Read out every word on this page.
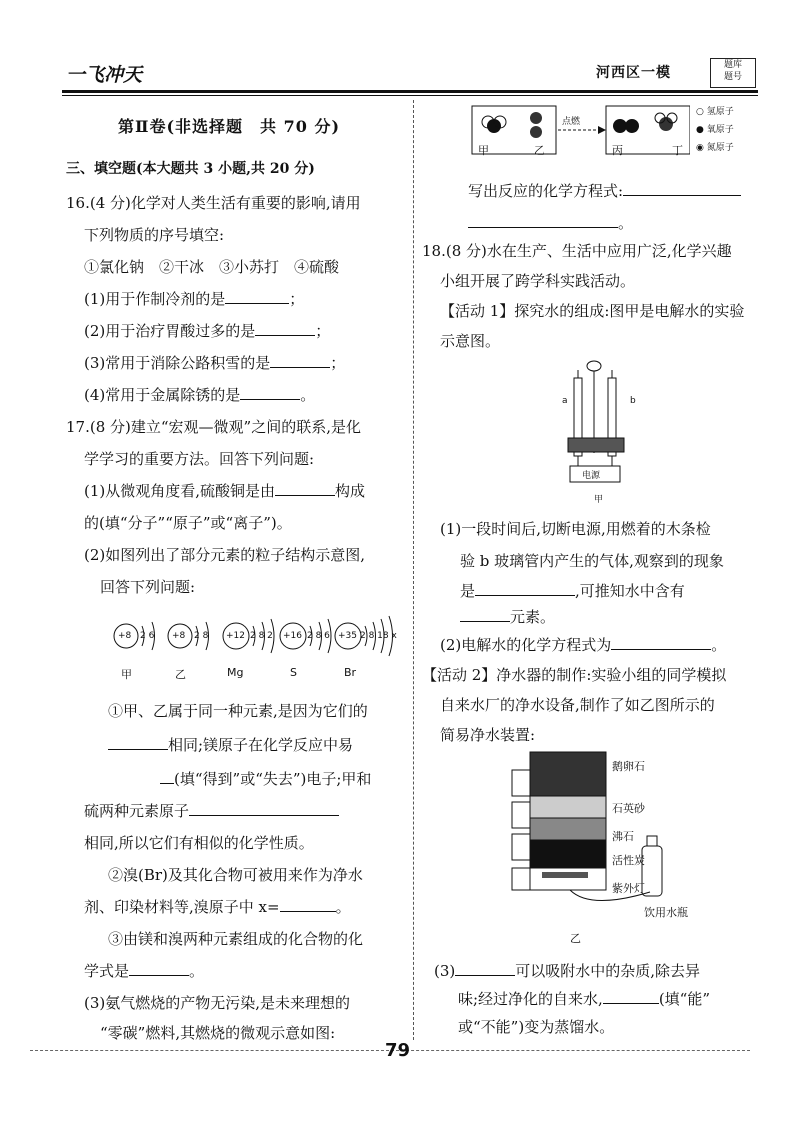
一飞冲天	河西区一模	题库
题号
第Ⅱ卷(非选择题　共 70 分)
三、填空题(本大题共 3 小题,共 20 分)
16.(4 分)化学对人类生活有重要的影响,请用
下列物质的序号填空:
①氯化钠　②干冰　③小苏打　④硫酸
(1)用于作制冷剂的是	；
(2)用于治疗胃酸过多的是	；
(3)常用于消除公路积雪的是	；
(4)常用于金属除锈的是	。
17.(8 分)建立“宏观—微观”之间的联系,是化
学学习的重要方法。回答下列问题:
(1)从微观角度看,硫酸铜是由	构成
的(填“分子”“原子”或“离子”)。
(2)如图列出了部分元素的粒子结构示意图,
回答下列问题:
+8 2 6 +8 2 8 +12 2 8 2 +16 2 8 6 +35 2 8 18 x
甲	乙	Mg	S	Br
①甲、乙属于同一种元素,是因为它们的
相同;镁原子在化学反应中易
(填“得到”或“失去”)电子;甲和
硫两种元素原子
相同,所以它们有相似的化学性质。
②溴(Br)及其化合物可被用来作为净水
剂、印染材料等,溴原子中 x=	。
③由镁和溴两种元素组成的化合物的化
学式是	。
(3)氨气燃烧的产物无污染,是未来理想的
“零碳”燃料,其燃烧的微观示意如图:
甲	乙
点燃
丙	丁
○ 氢原子
● 氧原子
◉ 氮原子
写出反应的化学方程式:
。
18.(8 分)水在生产、生活中应用广泛,化学兴趣
小组开展了跨学科实践活动。
【活动 1】探究水的组成:图甲是电解水的实验
示意图。
a	b
电源
甲
(1)一段时间后,切断电源,用燃着的木条检
验 b 玻璃管内产生的气体,观察到的现象
是	,可推知水中含有
元素。
(2)电解水的化学方程式为	。
【活动 2】净水器的制作:实验小组的同学模拟
自来水厂的净水设备,制作了如乙图所示的
简易净水装置:
鹅卵石
石英砂
沸石
活性炭
紫外灯
饮用水瓶
乙
(3)	可以吸附水中的杂质,除去异
味;经过净化的自来水,	(填“能”
或“不能”)变为蒸馏水。
79
